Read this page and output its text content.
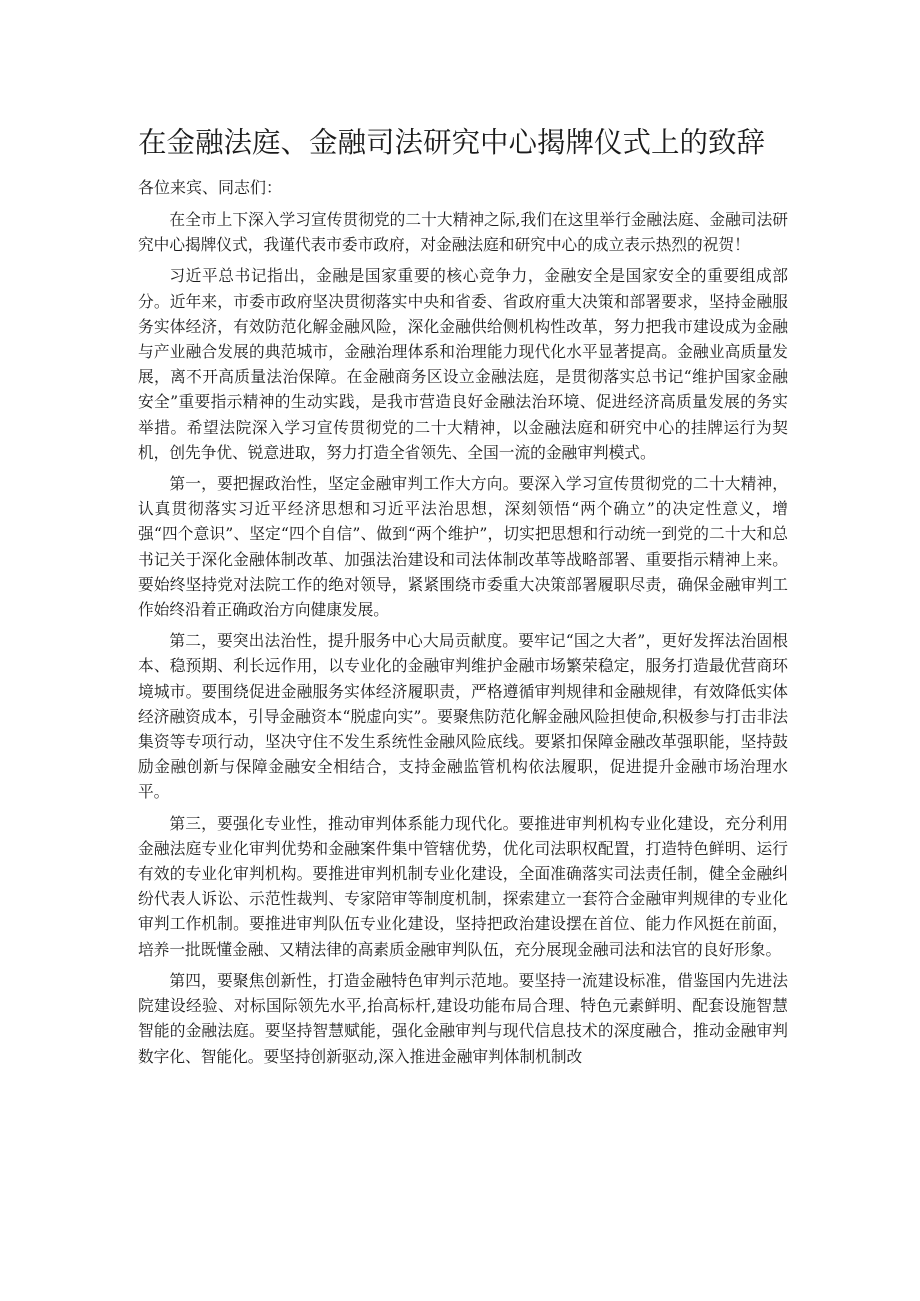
在金融法庭、金融司法研究中心揭牌仪式上的致辞

各位来宾、同志们：

在全市上下深入学习宣传贯彻党的二十大精神之际,我们在这里举行金融法庭、金融司法研究中心揭牌仪式，我谨代表市委市政府，对金融法庭和研究中心的成立表示热烈的祝贺！

习近平总书记指出，金融是国家重要的核心竞争力，金融安全是国家安全的重要组成部分。近年来，市委市政府坚决贯彻落实中央和省委、省政府重大决策和部署要求，坚持金融服务实体经济，有效防范化解金融风险，深化金融供给侧机构性改革，努力把我市建设成为金融与产业融合发展的典范城市，金融治理体系和治理能力现代化水平显著提高。金融业高质量发展，离不开高质量法治保障。在金融商务区设立金融法庭，是贯彻落实总书记“维护国家金融安全”重要指示精神的生动实践，是我市营造良好金融法治环境、促进经济高质量发展的务实举措。希望法院深入学习宣传贯彻党的二十大精神，以金融法庭和研究中心的挂牌运行为契机，创先争优、锐意进取，努力打造全省领先、全国一流的金融审判模式。

第一，要把握政治性，坚定金融审判工作大方向。要深入学习宣传贯彻党的二十大精神，认真贯彻落实习近平经济思想和习近平法治思想，深刻领悟“两个确立”的决定性意义，增强“四个意识”、坚定“四个自信”、做到“两个维护”，切实把思想和行动统一到党的二十大和总书记关于深化金融体制改革、加强法治建设和司法体制改革等战略部署、重要指示精神上来。要始终坚持党对法院工作的绝对领导，紧紧围绕市委重大决策部署履职尽责，确保金融审判工作始终沿着正确政治方向健康发展。

第二，要突出法治性，提升服务中心大局贡献度。要牢记“国之大者”，更好发挥法治固根本、稳预期、利长远作用，以专业化的金融审判维护金融市场繁荣稳定，服务打造最优营商环境城市。要围绕促进金融服务实体经济履职责，严格遵循审判规律和金融规律，有效降低实体经济融资成本，引导金融资本“脱虚向实”。要聚焦防范化解金融风险担使命,积极参与打击非法集资等专项行动，坚决守住不发生系统性金融风险底线。要紧扣保障金融改革强职能，坚持鼓励金融创新与保障金融安全相结合，支持金融监管机构依法履职，促进提升金融市场治理水平。

第三，要强化专业性，推动审判体系能力现代化。要推进审判机构专业化建设，充分利用金融法庭专业化审判优势和金融案件集中管辖优势，优化司法职权配置，打造特色鲜明、运行有效的专业化审判机构。要推进审判机制专业化建设，全面准确落实司法责任制，健全金融纠纷代表人诉讼、示范性裁判、专家陪审等制度机制，探索建立一套符合金融审判规律的专业化审判工作机制。要推进审判队伍专业化建设，坚持把政治建设摆在首位、能力作风挺在前面，培养一批既懂金融、又精法律的高素质金融审判队伍，充分展现金融司法和法官的良好形象。

第四，要聚焦创新性，打造金融特色审判示范地。要坚持一流建设标准，借鉴国内先进法院建设经验、对标国际领先水平,抬高标杆,建设功能布局合理、特色元素鲜明、配套设施智慧智能的金融法庭。要坚持智慧赋能，强化金融审判与现代信息技术的深度融合，推动金融审判数字化、智能化。要坚持创新驱动,深入推进金融审判体制机制改
